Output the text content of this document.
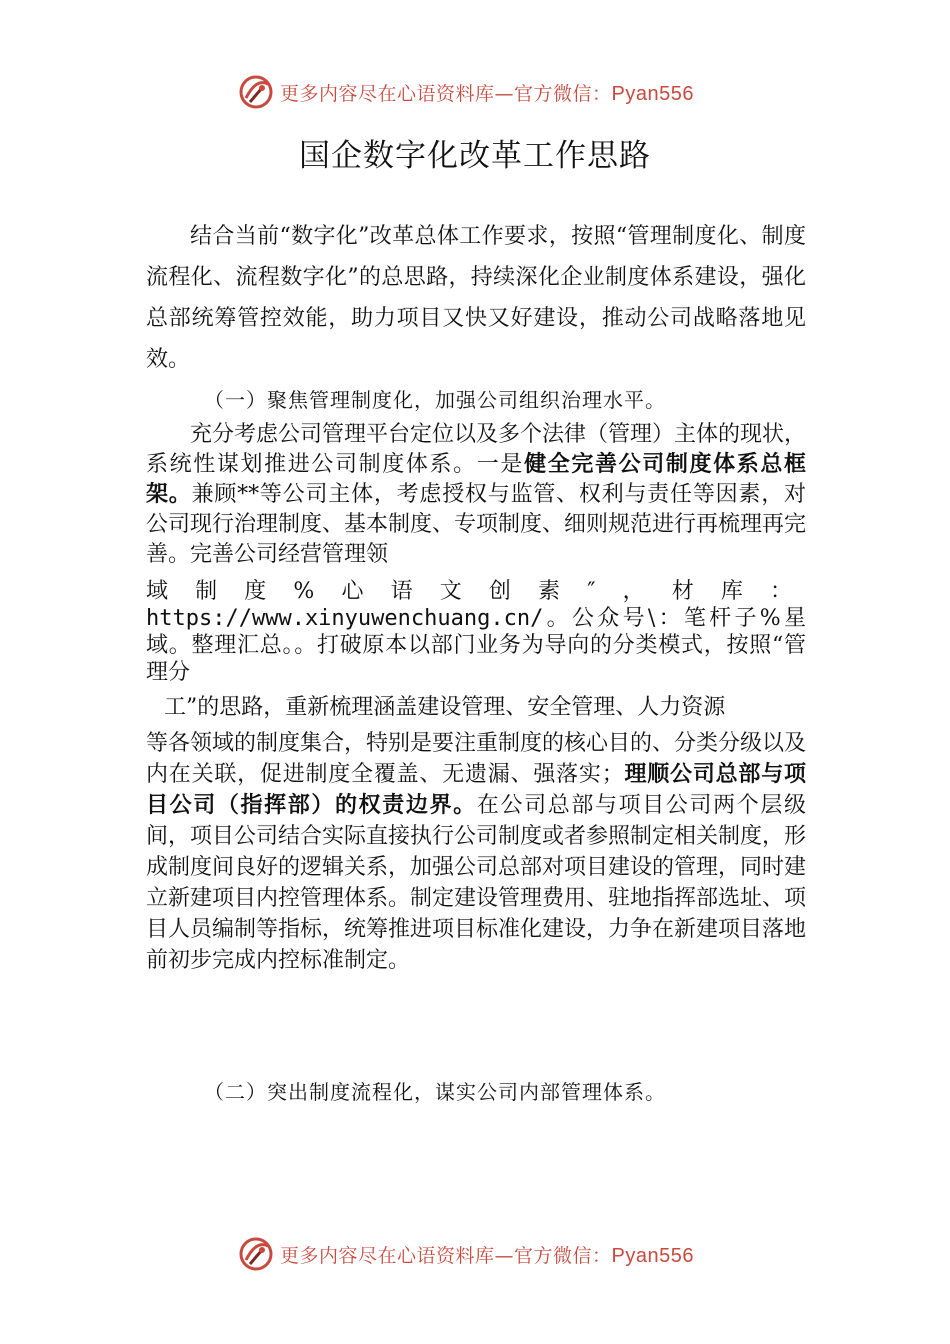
更多内容尽在心语资料库—官方微信：Pyan556
国企数字化改革工作思路

结合当前“数字化”改革总体工作要求，按照“管理制度化、制度流程化、流程数字化”的总思路，持续深化企业制度体系建设，强化总部统筹管控效能，助力项目又快又好建设，推动公司战略落地见效。

（一）聚焦管理制度化，加强公司组织治理水平。

充分考虑公司管理平台定位以及多个法律（管理）主体的现状，系统性谋划推进公司制度体系。一是健全完善公司制度体系总框架。兼顾**等公司主体，考虑授权与监管、权利与责任等因素，对公司现行治理制度、基本制度、专项制度、细则规范进行再梳理再完善。完善公司经营管理领

域制度%心语文创素″，材库：https://www.xinyuwenchuang.cn/。公众号\：笔杆子%星域。整理汇总。。打破原本以部门业务为导向的分类模式，按照“管理分

工”的思路，重新梳理涵盖建设管理、安全管理、人力资源

等各领域的制度集合，特别是要注重制度的核心目的、分类分级以及内在关联，促进制度全覆盖、无遗漏、强落实；理顺公司总部与项目公司（指挥部）的权责边界。在公司总部与项目公司两个层级间，项目公司结合实际直接执行公司制度或者参照制定相关制度，形成制度间良好的逻辑关系，加强公司总部对项目建设的管理，同时建立新建项目内控管理体系。制定建设管理费用、驻地指挥部选址、项目人员编制等指标，统筹推进项目标准化建设，力争在新建项目落地前初步完成内控标准制定。

（二）突出制度流程化，谋实公司内部管理体系。

更多内容尽在心语资料库—官方微信：Pyan556
